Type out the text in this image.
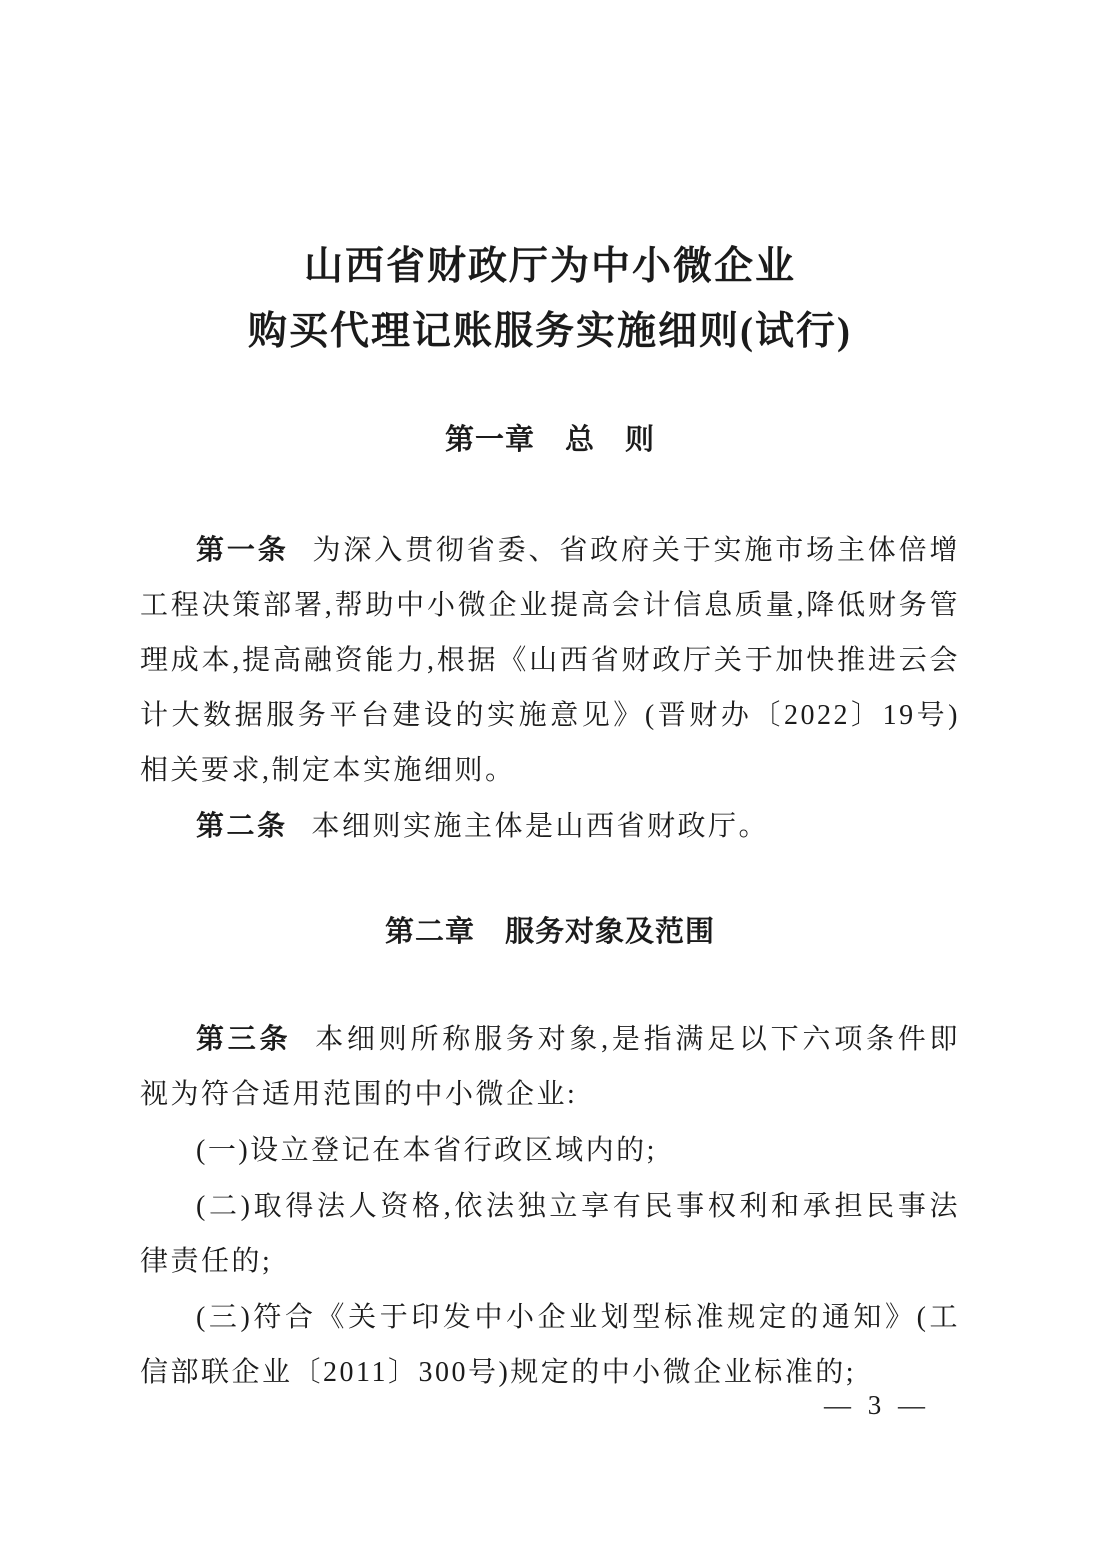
山西省财政厅为中小微企业
购买代理记账服务实施细则(试行)
第一章　总　则

第一条 为深入贯彻省委、省政府关于实施市场主体倍增工程决策部署,帮助中小微企业提高会计信息质量,降低财务管理成本,提高融资能力,根据《山西省财政厅关于加快推进云会计大数据服务平台建设的实施意见》(晋财办〔2022〕19号)相关要求,制定本实施细则。

第二条 本细则实施主体是山西省财政厅。

第二章　服务对象及范围

第三条 本细则所称服务对象,是指满足以下六项条件即视为符合适用范围的中小微企业:

(一)设立登记在本省行政区域内的;

(二)取得法人资格,依法独立享有民事权利和承担民事法律责任的;

(三)符合《关于印发中小企业划型标准规定的通知》(工信部联企业〔2011〕300号)规定的中小微企业标准的;

— 3 —
